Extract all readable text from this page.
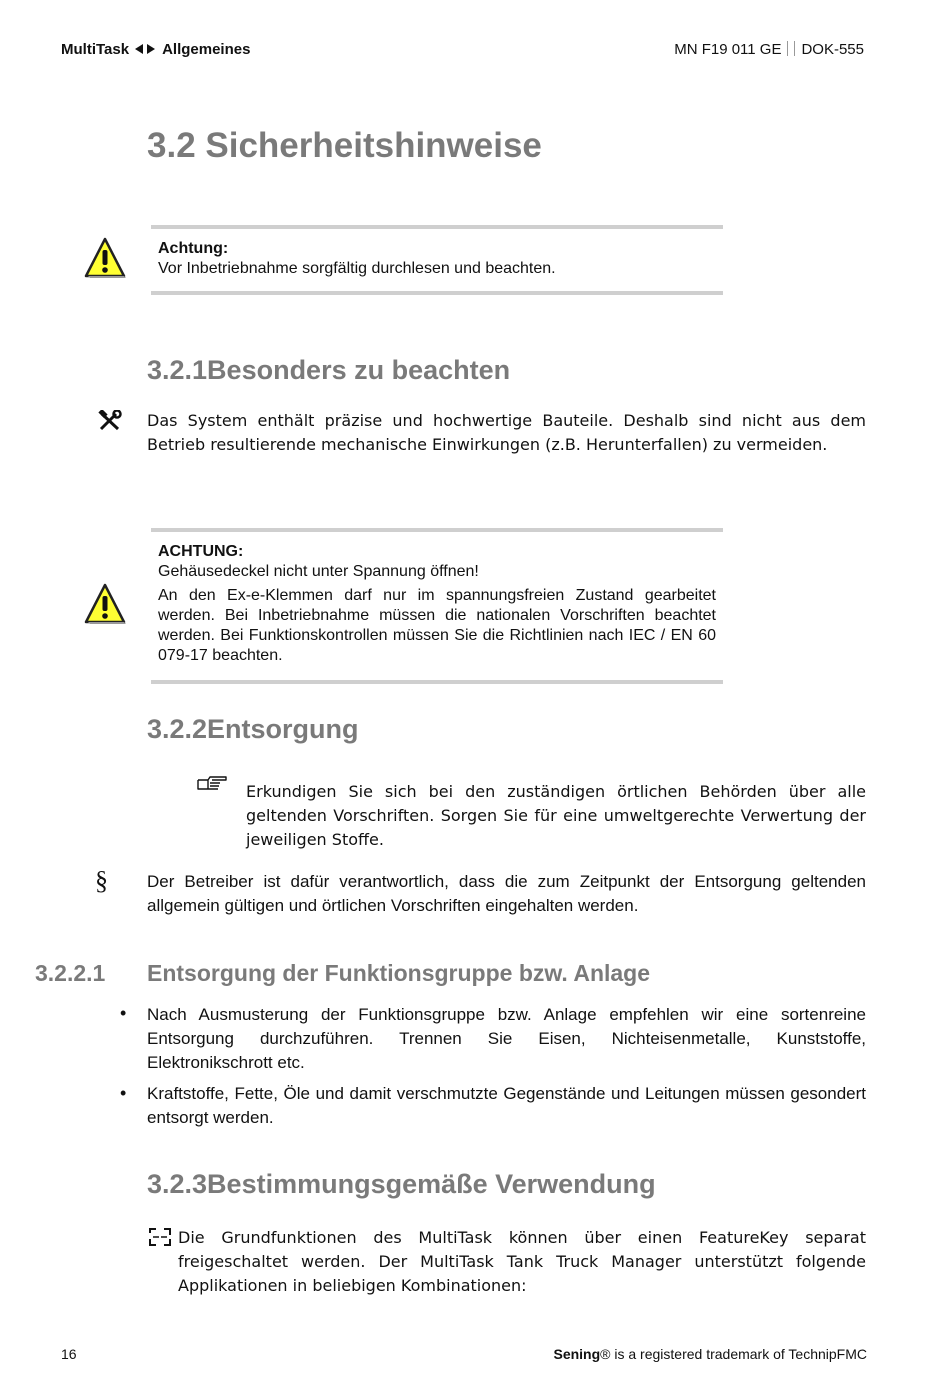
MultiTask Allgemeines	MN F19 011 GE DOK-555
3.2 Sicherheitshinweise
Achtung:
Vor Inbetriebnahme sorgfältig durchlesen und beachten.
3.2.1Besonders zu beachten
Das System enthält präzise und hochwertige Bauteile. Deshalb sind nicht aus dem Betrieb resultierende mechanische Einwirkungen (z.B. Herunterfallen) zu vermeiden.
ACHTUNG:
Gehäusedeckel nicht unter Spannung öffnen!
An den Ex-e-Klemmen darf nur im spannungsfreien Zustand gearbeitet werden. Bei Inbetriebnahme müssen die nationalen Vorschriften beachtet werden. Bei Funktionskontrollen müssen Sie die Richtlinien nach IEC / EN 60 079-17 beachten.
3.2.2Entsorgung
Erkundigen Sie sich bei den zuständigen örtlichen Behörden über alle geltenden Vorschriften. Sorgen Sie für eine umweltgerechte Verwertung der jeweiligen Stoffe.
§ Der Betreiber ist dafür verantwortlich, dass die zum Zeitpunkt der Entsorgung geltenden allgemein gültigen und örtlichen Vorschriften eingehalten werden.
3.2.2.1 Entsorgung der Funktionsgruppe bzw. Anlage
• Nach Ausmusterung der Funktionsgruppe bzw. Anlage empfehlen wir eine sortenreine Entsorgung durchzuführen. Trennen Sie Eisen, Nichteisenmetalle, Kunststoffe, Elektronikschrott etc.
• Kraftstoffe, Fette, Öle und damit verschmutzte Gegenstände und Leitungen müssen gesondert entsorgt werden.
3.2.3Bestimmungsgemäße Verwendung
Die Grundfunktionen des MultiTask können über einen FeatureKey separat freigeschaltet werden. Der MultiTask Tank Truck Manager unterstützt folgende Applikationen in beliebigen Kombinationen:
16	Sening® is a registered trademark of TechnipFMC
